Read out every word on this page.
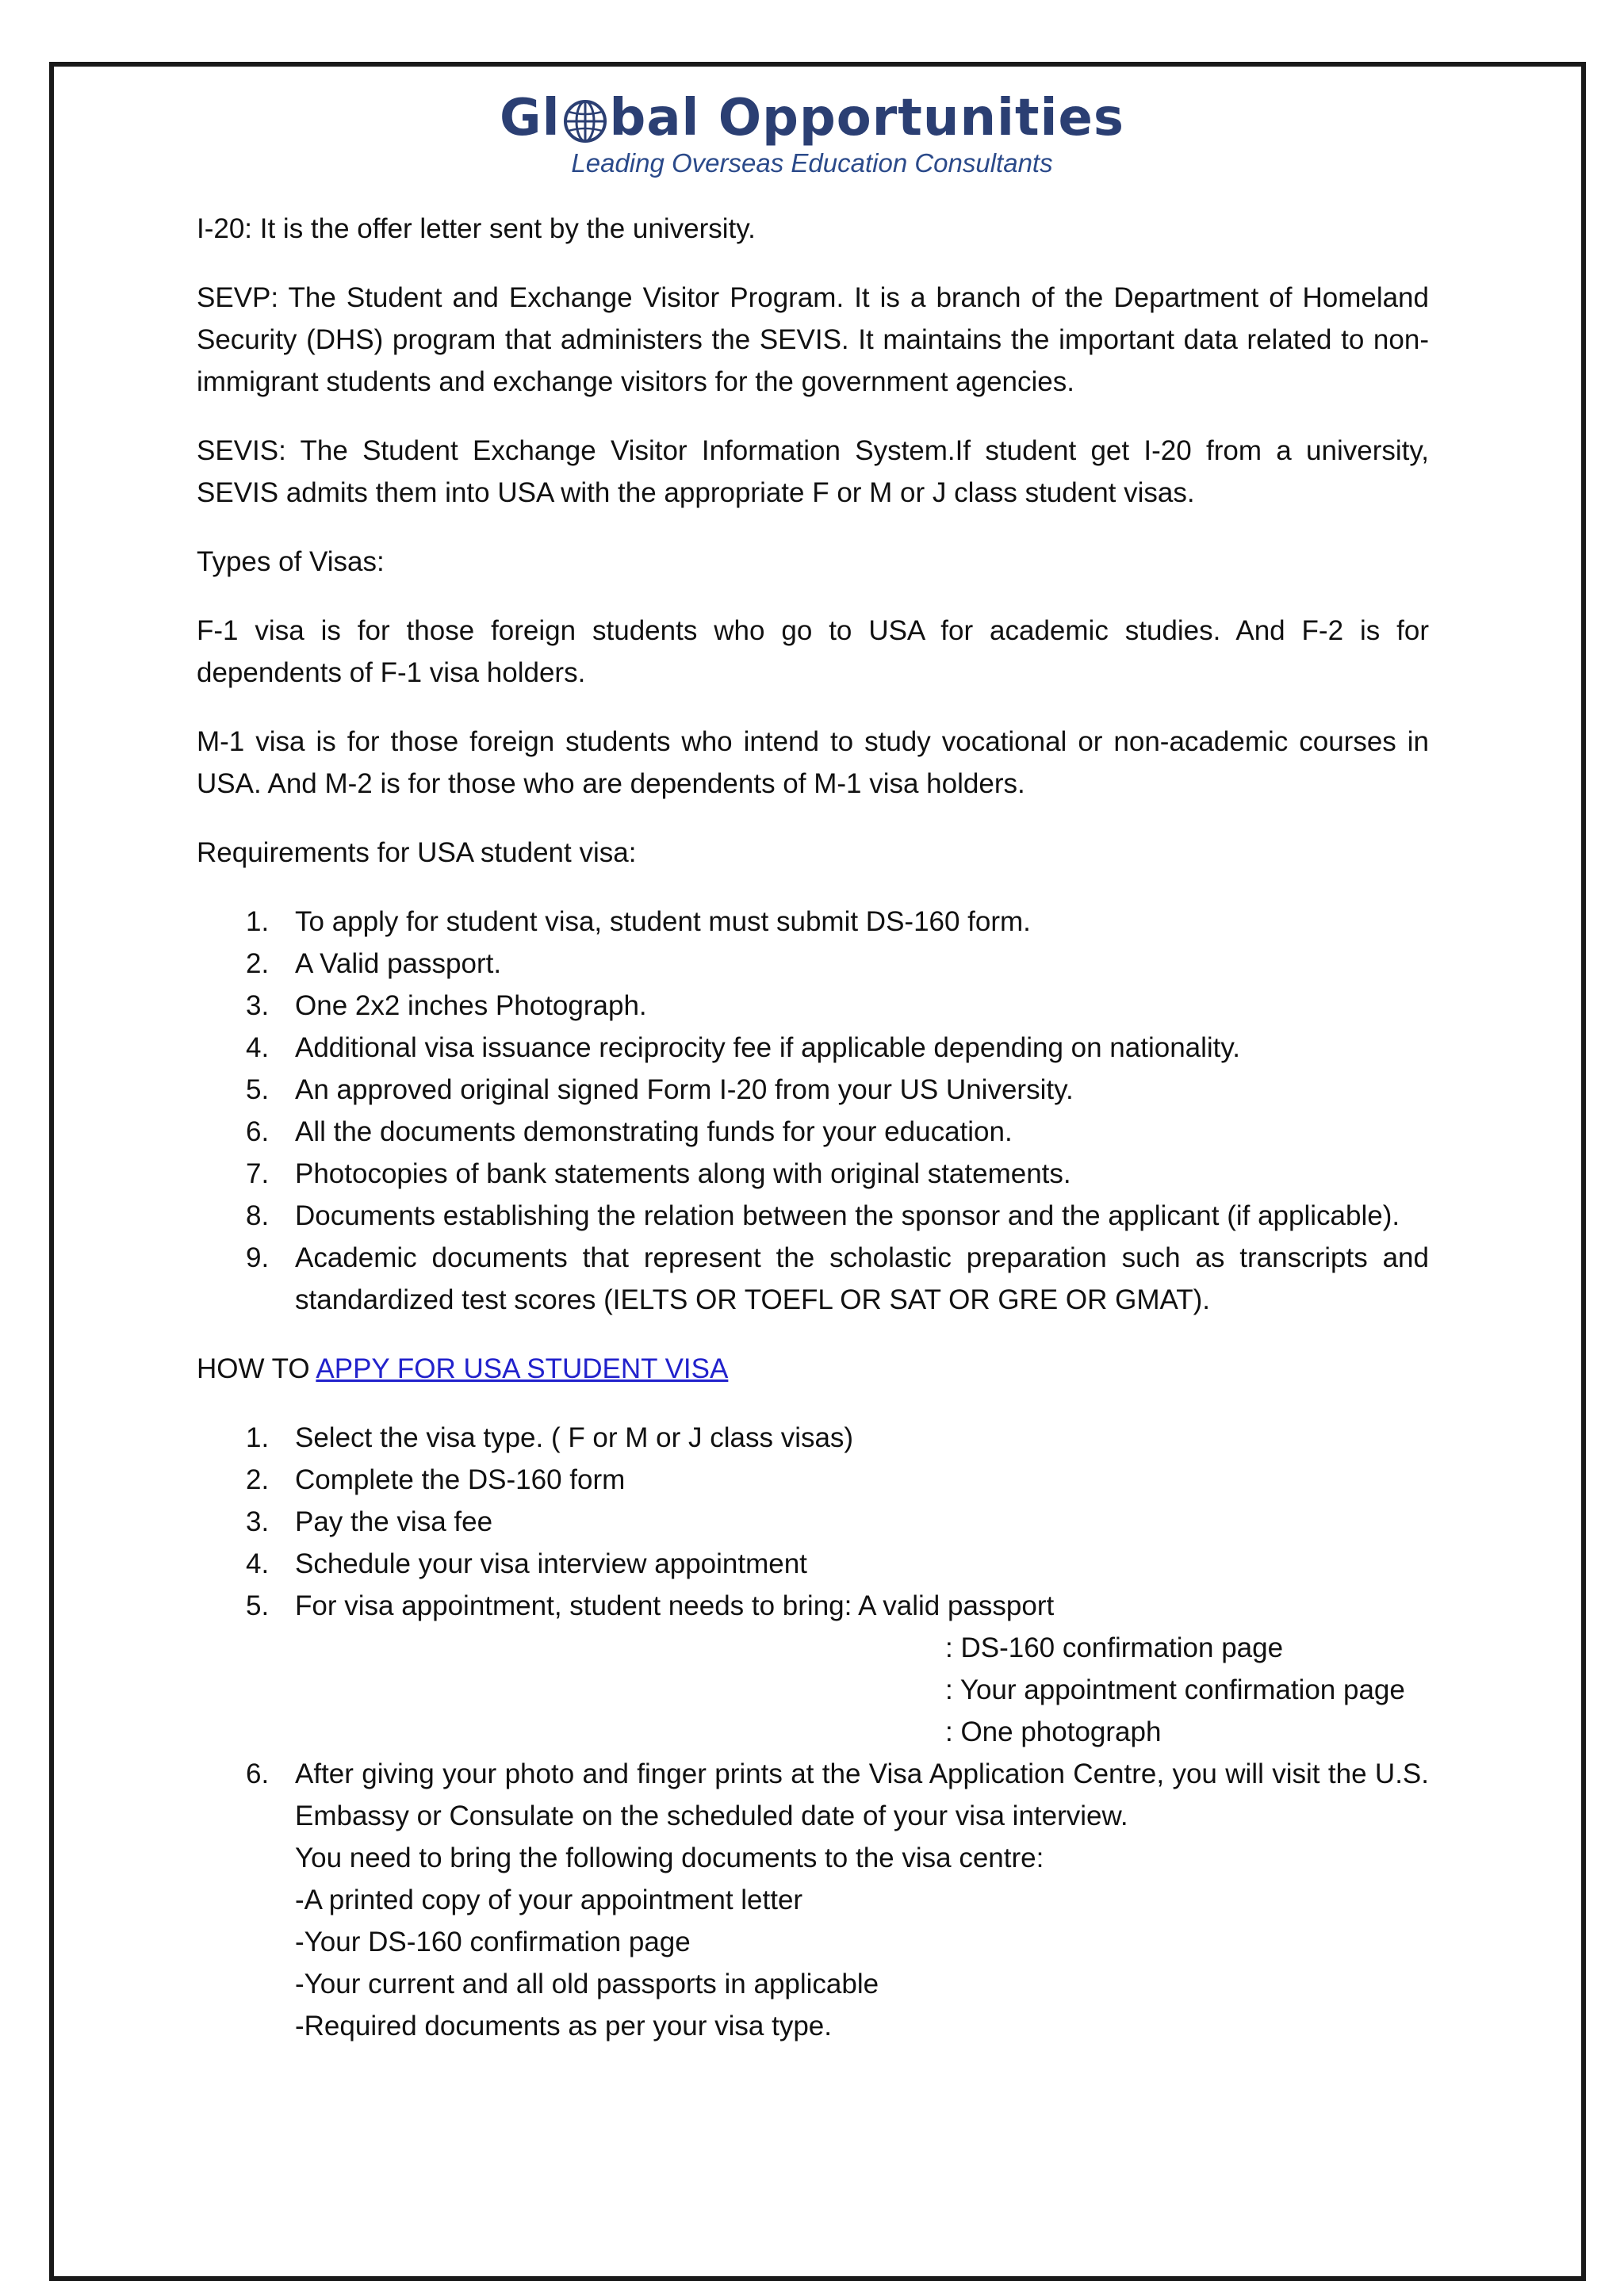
Gl bal Opportunities
Leading Overseas Education Consultants

I-20: It is the offer letter sent by the university.

SEVP: The Student and Exchange Visitor Program. It is a branch of the Department of Homeland Security (DHS) program that administers the SEVIS. It maintains the important data related to non-immigrant students and exchange visitors for the government agencies.

SEVIS: The Student Exchange Visitor Information System.If student get I-20 from a university, SEVIS admits them into USA with the appropriate F or M or J class student visas.

Types of Visas:

F-1 visa is for those foreign students who go to USA for academic studies. And F-2 is for dependents of F-1 visa holders.

M-1 visa is for those foreign students who intend to study vocational or non-academic courses in USA. And M-2 is for those who are dependents of M-1 visa holders.

Requirements for USA student visa:

1. To apply for student visa, student must submit DS-160 form.
2. A Valid passport.
3. One 2x2 inches Photograph.
4. Additional visa issuance reciprocity fee if applicable depending on nationality.
5. An approved original signed Form I-20 from your US University.
6. All the documents demonstrating funds for your education.
7. Photocopies of bank statements along with original statements.
8. Documents establishing the relation between the sponsor and the applicant (if applicable).
9. Academic documents that represent the scholastic preparation such as transcripts and standardized test scores (IELTS OR TOEFL OR SAT OR GRE OR GMAT).

HOW TO APPY FOR USA STUDENT VISA

1. Select the visa type. ( F or M or J class visas)
2. Complete the DS-160 form
3. Pay the visa fee
4. Schedule your visa interview appointment
5. For visa appointment, student needs to bring: A valid passport
: DS-160 confirmation page
: Your appointment confirmation page
: One photograph
6. After giving your photo and finger prints at the Visa Application Centre, you will visit the U.S. Embassy or Consulate on the scheduled date of your visa interview.
You need to bring the following documents to the visa centre:
-A printed copy of your appointment letter
-Your DS-160 confirmation page
-Your current and all old passports in applicable
-Required documents as per your visa type.
